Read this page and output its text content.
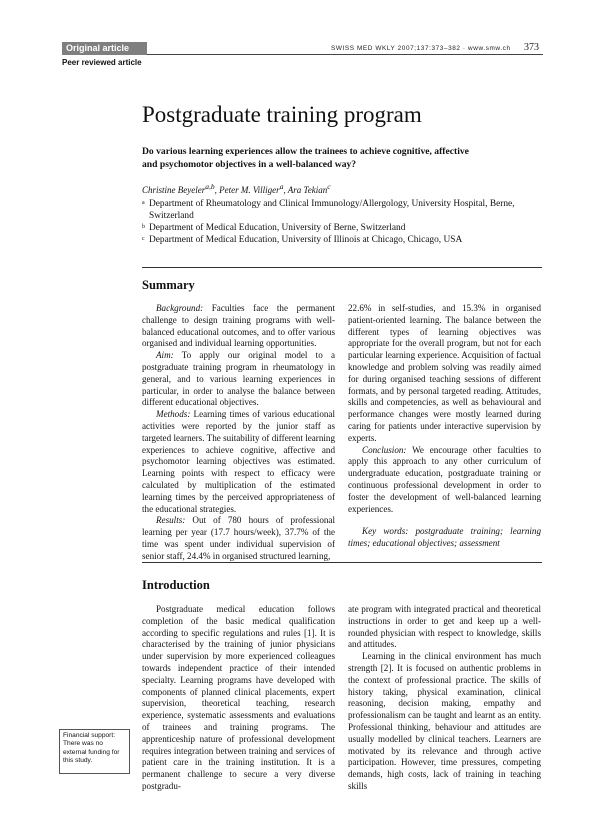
Original article	SWISS MED WKLY 2007;137:373–382 · www.smw.ch 373
Peer reviewed article
Postgraduate training program
Do various learning experiences allow the trainees to achieve cognitive, affective and psychomotor objectives in a well-balanced way?
Christine Beyeler$^{a,b}$, Peter M. Villiger$^a$, Ara Tekian$^c$

a Department of Rheumatology and Clinical Immunology/Allergology, University Hospital, Berne, Switzerland

b Department of Medical Education, University of Berne, Switzerland

c Department of Medical Education, University of Illinois at Chicago, Chicago, USA

Summary

Background: Faculties face the permanent challenge to design training programs with well-balanced educational outcomes, and to offer various organised and individual learning opportunities.

Aim: To apply our original model to a postgraduate training program in rheumatology in general, and to various learning experiences in particular, in order to analyse the balance between different educational objectives.

Methods: Learning times of various educational activities were reported by the junior staff as targeted learners. The suitability of different learning experiences to achieve cognitive, affective and psychomotor learning objectives was estimated. Learning points with respect to efficacy were calculated by multiplication of the estimated learning times by the perceived appropriateness of the educational strategies.

Results: Out of 780 hours of professional learning per year (17.7 hours/week), 37.7% of the time was spent under individual supervision of senior staff, 24.4% in organised structured learning,

22.6% in self-studies, and 15.3% in organised patient-oriented learning. The balance between the different types of learning objectives was appropriate for the overall program, but not for each particular learning experience. Acquisition of factual knowledge and problem solving was readily aimed for during organised teaching sessions of different formats, and by personal targeted reading. Attitudes, skills and competencies, as well as behavioural and performance changes were mostly learned during caring for patients under interactive supervision by experts.

Conclusion: We encourage other faculties to apply this approach to any other curriculum of undergraduate education, postgraduate training or continuous professional development in order to foster the development of well-balanced learning experiences.

Key words: postgraduate training; learning times; educational objectives; assessment

Introduction

Postgraduate medical education follows completion of the basic medical qualification according to specific regulations and rules [1]. It is characterised by the training of junior physicians under supervision by more experienced colleagues towards independent practice of their intended specialty. Learning programs have developed with components of planned clinical placements, expert supervision, theoretical teaching, research experience, systematic assessments and evaluations of trainees and training programs. The apprenticeship nature of professional development requires integration between training and services of patient care in the training institution. It is a permanent challenge to secure a very diverse postgradu-

ate program with integrated practical and theoretical instructions in order to get and keep up a well-rounded physician with respect to knowledge, skills and attitudes.

Learning in the clinical environment has much strength [2]. It is focused on authentic problems in the context of professional practice. The skills of history taking, physical examination, clinical reasoning, decision making, empathy and professionalism can be taught and learnt as an entity. Professional thinking, behaviour and attitudes are usually modelled by clinical teachers. Learners are motivated by its relevance and through active participation. However, time pressures, competing demands, high costs, lack of training in teaching skills

Financial support: There was no external funding for this study.
